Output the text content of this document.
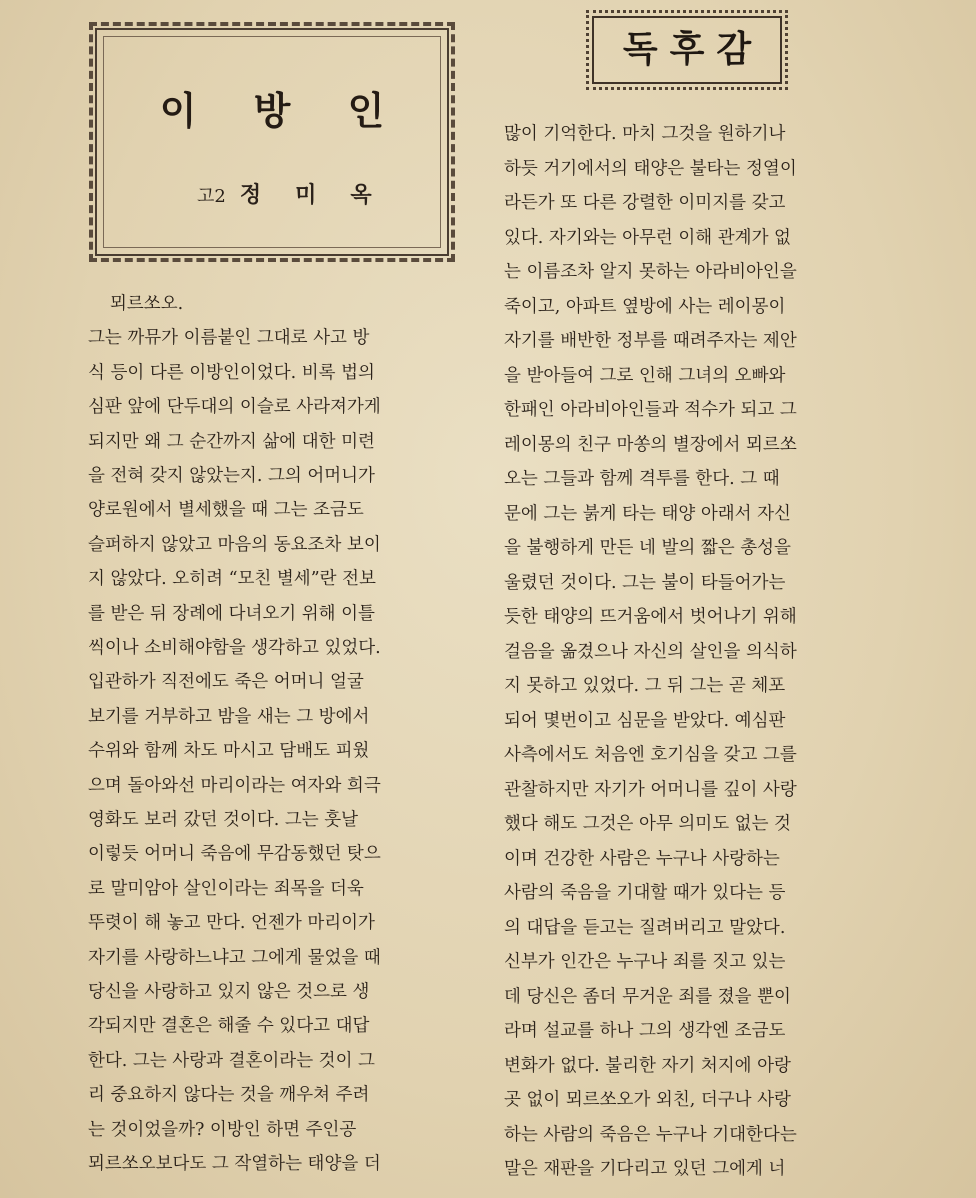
이 방 인
고2 정미옥
독후감
뫼르쏘오.
그는 까뮤가 이름붙인 그대로 사고 방
식 등이 다른 이방인이었다. 비록 법의
심판 앞에 단두대의 이슬로 사라져가게
되지만 왜 그 순간까지 삶에 대한 미련
을 전혀 갖지 않았는지. 그의 어머니가
양로원에서 별세했을 때 그는 조금도
슬퍼하지 않았고 마음의 동요조차 보이
지 않았다. 오히려 “모친 별세”란 전보
를 받은 뒤 장례에 다녀오기 위해 이틀
씩이나 소비해야함을 생각하고 있었다.
입관하가 직전에도 죽은 어머니 얼굴
보기를 거부하고 밤을 새는 그 방에서
수위와 함께 차도 마시고 담배도 피웠
으며 돌아와선 마리이라는 여자와 희극
영화도 보러 갔던 것이다. 그는 훗날
이렇듯 어머니 죽음에 무감동했던 탓으
로 말미암아 살인이라는 죄목을 더욱
뚜렷이 해 놓고 만다. 언젠가 마리이가
자기를 사랑하느냐고 그에게 물었을 때
당신을 사랑하고 있지 않은 것으로 생
각되지만 결혼은 해줄 수 있다고 대답
한다. 그는 사랑과 결혼이라는 것이 그
리 중요하지 않다는 것을 깨우쳐 주려
는 것이었을까? 이방인 하면 주인공
뫼르쏘오보다도 그 작열하는 태양을 더
많이 기억한다. 마치 그것을 원하기나
하듯 거기에서의 태양은 불타는 정열이
라든가 또 다른 강렬한 이미지를 갖고
있다. 자기와는 아무런 이해 관계가 없
는 이름조차 알지 못하는 아라비아인을
죽이고, 아파트 옆방에 사는 레이몽이
자기를 배반한 정부를 때려주자는 제안
을 받아들여 그로 인해 그녀의 오빠와
한패인 아라비아인들과 적수가 되고 그
레이몽의 친구 마쏭의 별장에서 뫼르쏘
오는 그들과 함께 격투를 한다. 그 때
문에 그는 붉게 타는 태양 아래서 자신
을 불행하게 만든 네 발의 짧은 총성을
울렸던 것이다. 그는 불이 타들어가는
듯한 태양의 뜨거움에서 벗어나기 위해
걸음을 옮겼으나 자신의 살인을 의식하
지 못하고 있었다. 그 뒤 그는 곧 체포
되어 몇번이고 심문을 받았다. 예심판
사측에서도 처음엔 호기심을 갖고 그를
관찰하지만 자기가 어머니를 깊이 사랑
했다 해도 그것은 아무 의미도 없는 것
이며 건강한 사람은 누구나 사랑하는
사람의 죽음을 기대할 때가 있다는 등
의 대답을 듣고는 질려버리고 말았다.
신부가 인간은 누구나 죄를 짓고 있는
데 당신은 좀더 무거운 죄를 졌을 뿐이
라며 설교를 하나 그의 생각엔 조금도
변화가 없다. 불리한 자기 처지에 아랑
곳 없이 뫼르쏘오가 외친, 더구나 사랑
하는 사람의 죽음은 누구나 기대한다는
말은 재판을 기다리고 있던 그에게 너
